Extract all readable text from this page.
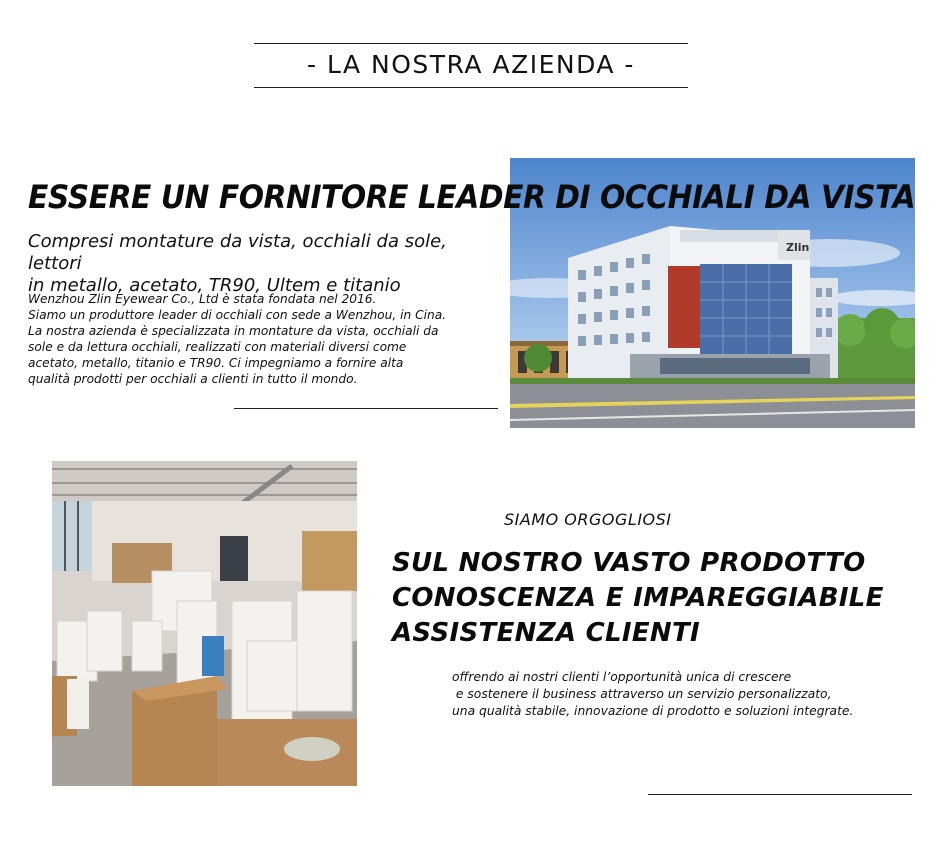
- LA NOSTRA AZIENDA -
Zlin
ESSERE UN FORNITORE LEADER DI OCCHIALI DA VISTA
Compresi montature da vista, occhiali da sole, lettori
in metallo, acetato, TR90, Ultem e titanio

Wenzhou Zlin Eyewear Co., Ltd è stata fondata nel 2016.

Siamo un produttore leader di occhiali con sede a Wenzhou, in Cina.

La nostra azienda è specializzata in montature da vista, occhiali da

sole e da lettura occhiali, realizzati con materiali diversi come

acetato, metallo, titanio e TR90. Ci impegniamo a fornire alta

qualità prodotti per occhiali a clienti in tutto il mondo.

SIAMO ORGOGLIOSI
SUL NOSTRO VASTO PRODOTTO
CONOSCENZA E IMPAREGGIABILE
ASSISTENZA CLIENTI

offrendo ai nostri clienti l’opportunità unica di crescere

e sostenere il business attraverso un servizio personalizzato,

una qualità stabile, innovazione di prodotto e soluzioni integrate.
